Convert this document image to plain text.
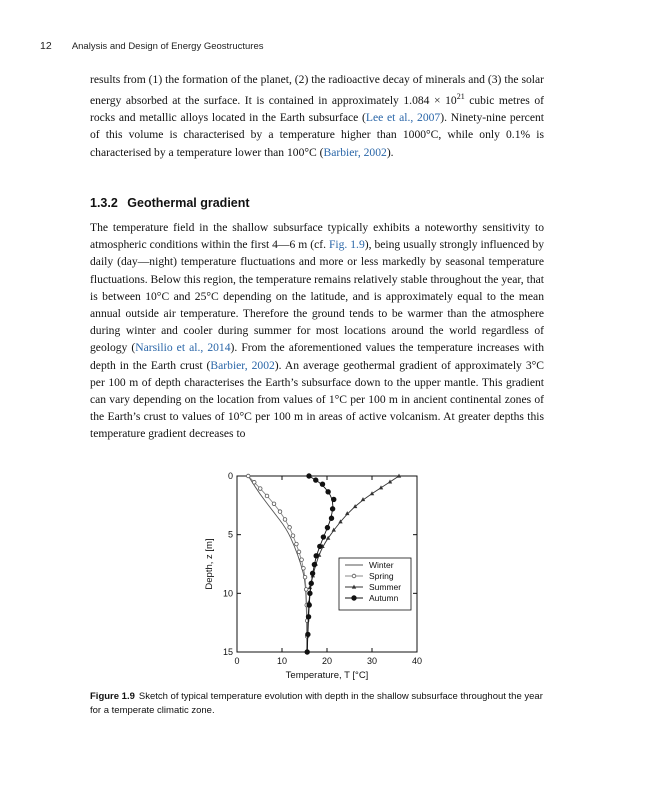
12 Analysis and Design of Energy Geostructures
results from (1) the formation of the planet, (2) the radioactive decay of minerals and (3) the solar energy absorbed at the surface. It is contained in approximately $1.084 \times 10^{21}$ cubic metres of rocks and metallic alloys located in the Earth subsurface (Lee et al., 2007). Ninety-nine percent of this volume is characterised by a temperature higher than 1000°C, while only 0.1% is characterised by a temperature lower than 100°C (Barbier, 2002).
1.3.2 Geothermal gradient
The temperature field in the shallow subsurface typically exhibits a noteworthy sensitivity to atmospheric conditions within the first 4—6 m (cf. Fig. 1.9), being usually strongly influenced by daily (day—night) temperature fluctuations and more or less markedly by seasonal temperature fluctuations. Below this region, the temperature remains relatively stable throughout the year, that is between 10°C and 25°C depending on the latitude, and is approximately equal to the mean annual outside air temperature. Therefore the ground tends to be warmer than the atmosphere during winter and cooler during summer for most locations around the world regardless of geology (Narsilio et al., 2014). From the aforementioned values the temperature increases with depth in the Earth crust (Barbier, 2002). An average geothermal gradient of approximately 3°C per 100 m of depth characterises the Earth’s subsurface down to the upper mantle. This gradient can vary depending on the location from values of 1°C per 100 m in ancient continental zones of the Earth’s crust to values of 10°C per 100 m in areas of active volcanism. At greater depths this temperature gradient decreases to
0	10	20	30	40
0
5
10
15
Temperature, T [°C]
Depth, z [m]	Winter
Spring
Summer
Autumn
Figure 1.9 Sketch of typical temperature evolution with depth in the shallow subsurface throughout the year for a temperate climatic zone.
